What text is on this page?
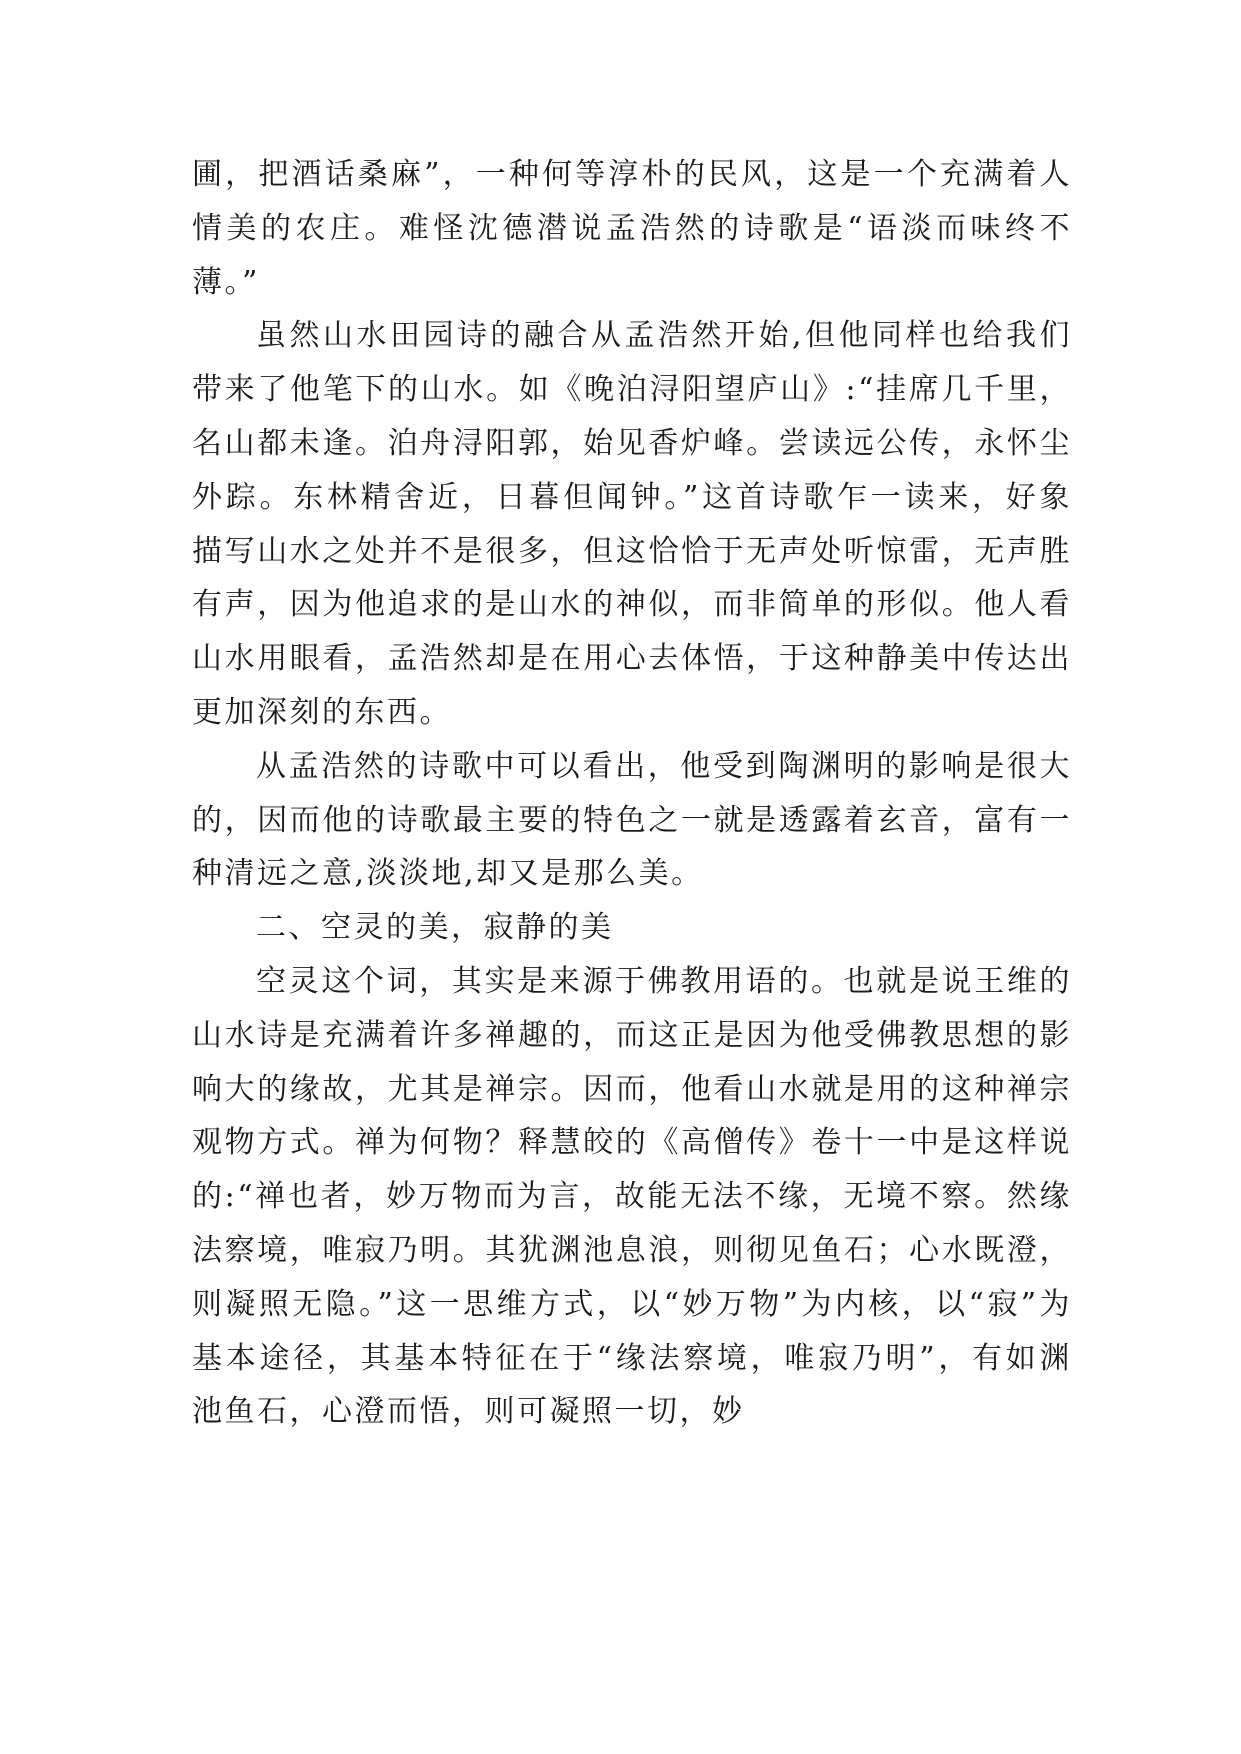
圃，把酒话桑麻”，一种何等淳朴的民风，这是一个充满着人情美的农庄。难怪沈德潜说孟浩然的诗歌是“语淡而味终不薄。”

虽然山水田园诗的融合从孟浩然开始,但他同样也给我们带来了他笔下的山水。如《晚泊浔阳望庐山》:“挂席几千里，名山都未逢。泊舟浔阳郭，始见香炉峰。尝读远公传，永怀尘外踪。东林精舍近，日暮但闻钟。”这首诗歌乍一读来，好象描写山水之处并不是很多，但这恰恰于无声处听惊雷，无声胜有声，因为他追求的是山水的神似，而非简单的形似。他人看山水用眼看，孟浩然却是在用心去体悟，于这种静美中传达出更加深刻的东西。

从孟浩然的诗歌中可以看出，他受到陶渊明的影响是很大的，因而他的诗歌最主要的特色之一就是透露着玄音，富有一种清远之意,淡淡地,却又是那么美。

二、空灵的美，寂静的美

空灵这个词，其实是来源于佛教用语的。也就是说王维的山水诗是充满着许多禅趣的，而这正是因为他受佛教思想的影响大的缘故，尤其是禅宗。因而，他看山水就是用的这种禅宗观物方式。禅为何物？释慧皎的《高僧传》卷十一中是这样说的:“禅也者，妙万物而为言，故能无法不缘，无境不察。然缘法察境，唯寂乃明。其犹渊池息浪，则彻见鱼石；心水既澄，则凝照无隐。”这一思维方式，以“妙万物”为内核，以“寂”为基本途径，其基本特征在于“缘法察境，唯寂乃明”，有如渊池鱼石，心澄而悟，则可凝照一切，妙
